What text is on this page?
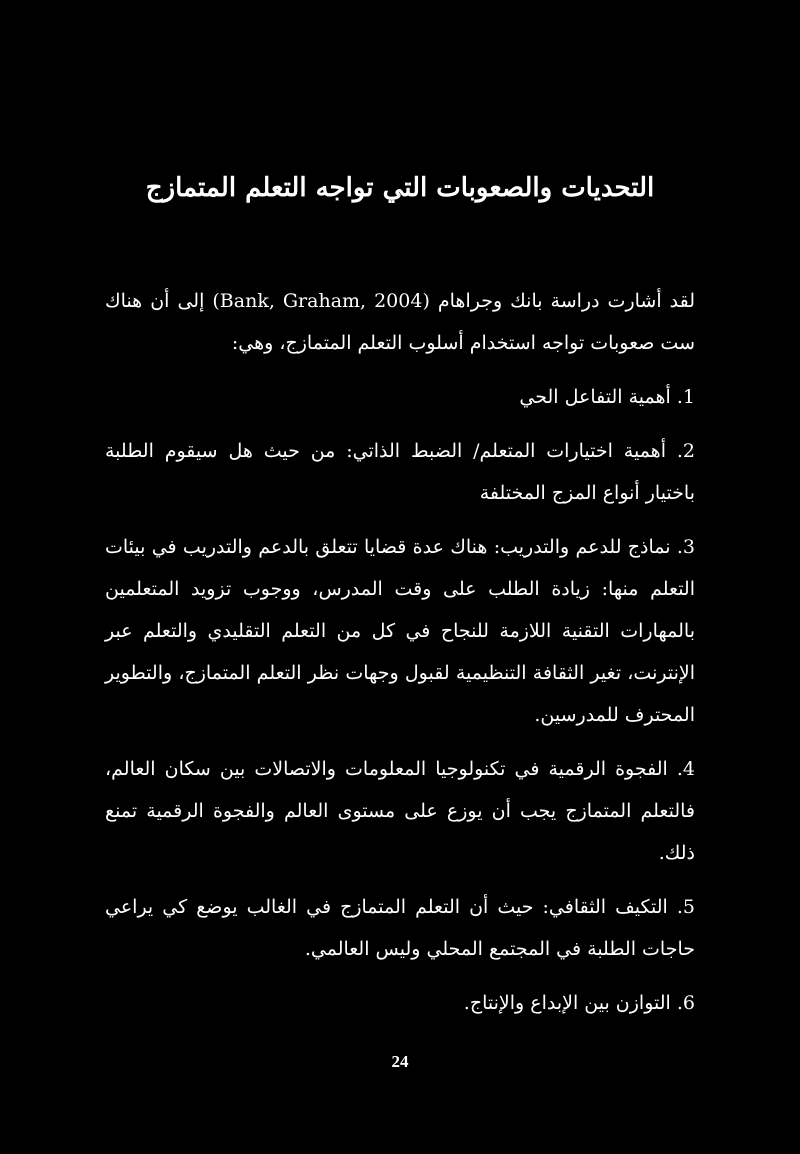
التحديات والصعوبات التي تواجه التعلم المتمازج

لقد أشارت دراسة بانك وجراهام (Bank, Graham, 2004) إلى أن هناك ست صعوبات تواجه استخدام أسلوب التعلم المتمازج، وهي:

1. أهمية التفاعل الحي

2. أهمية اختيارات المتعلم/ الضبط الذاتي: من حيث هل سيقوم الطلبة باختيار أنواع المزج المختلفة

3. نماذج للدعم والتدريب: هناك عدة قضايا تتعلق بالدعم والتدريب في بيئات التعلم منها: زيادة الطلب على وقت المدرس، ووجوب تزويد المتعلمين بالمهارات التقنية اللازمة للنجاح في كل من التعلم التقليدي والتعلم عبر الإنترنت، تغير الثقافة التنظيمية لقبول وجهات نظر التعلم المتمازج، والتطوير المحترف للمدرسين.

4. الفجوة الرقمية في تكنولوجيا المعلومات والاتصالات بين سكان العالم، فالتعلم المتمازج يجب أن يوزع على مستوى العالم والفجوة الرقمية تمنع ذلك.

5. التكيف الثقافي: حيث أن التعلم المتمازج في الغالب يوضع كي يراعي حاجات الطلبة في المجتمع المحلي وليس العالمي.

6. التوازن بين الإبداع والإنتاج.

24
